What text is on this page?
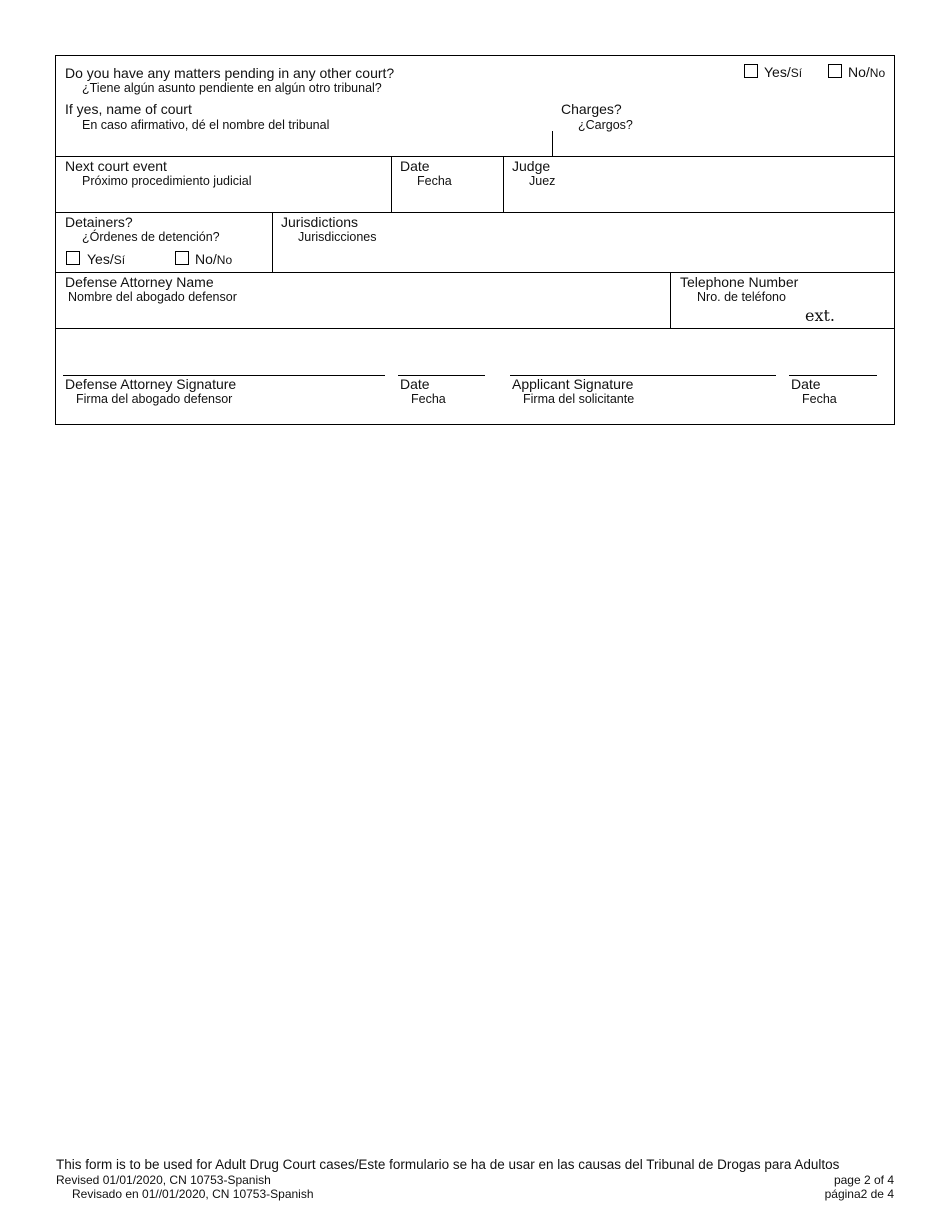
Do you have any matters pending in any other court?
¿Tiene algún asunto pendiente en algún otro tribunal?
Yes/Sí	No/No
If yes, name of court
En caso afirmativo, dé el nombre del tribunal
Charges?
¿Cargos?
Next court event
Próximo procedimiento judicial
Date
Fecha
Judge
Juez
Detainers?
¿Órdenes de detención?
Yes/Sí	No/No
Jurisdictions
Jurisdicciones
Defense Attorney Name
Nombre del abogado defensor
Telephone Number
Nro. de teléfono
ext.
Defense Attorney Signature
Firma del abogado defensor
Date
Fecha
Applicant Signature
Firma del solicitante
Date
Fecha
This form is to be used for Adult Drug Court cases/Este formulario se ha de usar en las causas del Tribunal de Drogas para Adultos
Revised 01/01/2020, CN 10753-Spanish
Revisado en 01//01/2020, CN 10753-Spanish
page 2 of 4
página2 de 4
